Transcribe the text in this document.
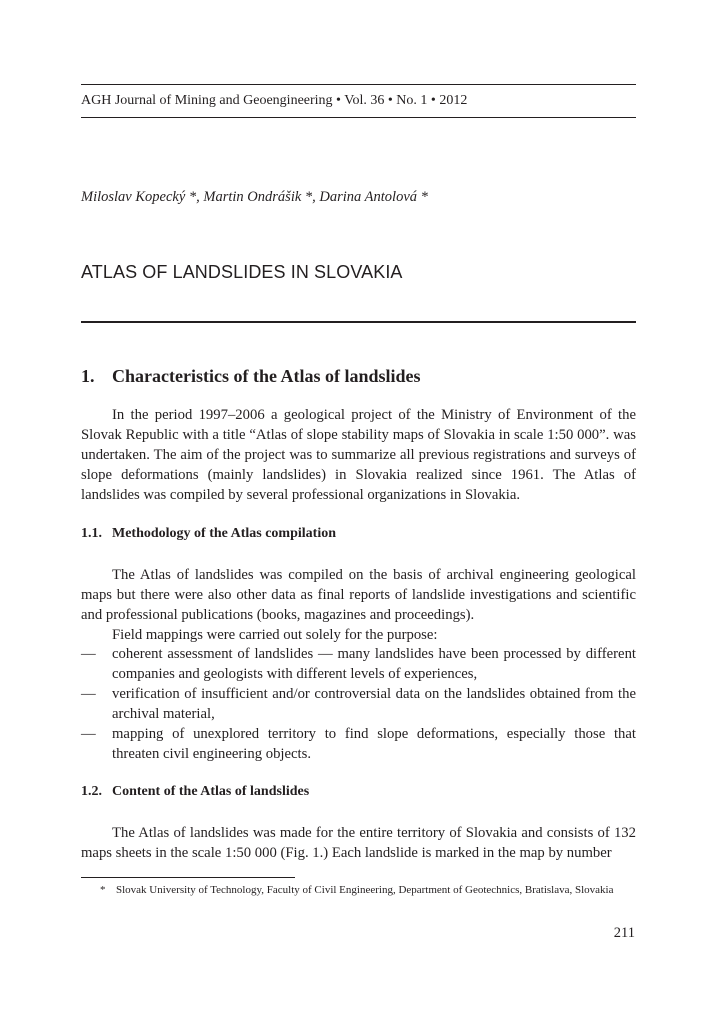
AGH Journal of Mining and Geoengineering • Vol. 36 • No. 1 • 2012
Miloslav Kopecký *, Martin Ondrášik *, Darina Antolová *
ATLAS OF LANDSLIDES IN SLOVAKIA
1. Characteristics of the Atlas of landslides

In the period 1997–2006 a geological project of the Ministry of Environment of the Slovak Republic with a title “Atlas of slope stability maps of Slovakia in scale 1:50 000”. was undertaken. The aim of the project was to summarize all previous registrations and surveys of slope deformations (mainly landslides) in Slovakia realized since 1961. The Atlas of landslides was compiled by several professional organizations in Slovakia.

1.1. Methodology of the Atlas compilation

The Atlas of landslides was compiled on the basis of archival engineering geological maps but there were also other data as final reports of landslide investigations and scientific and professional publications (books, magazines and proceedings).

Field mappings were carried out solely for the purpose:

— coherent assessment of landslides — many landslides have been processed by different companies and geologists with different levels of experiences,
— verification of insufficient and/or controversial data on the landslides obtained from the archival material,
— mapping of unexplored territory to find slope deformations, especially those that threaten civil engineering objects.
1.2. Content of the Atlas of landslides

The Atlas of landslides was made for the entire territory of Slovakia and consists of 132 maps sheets in the scale 1:50 000 (Fig. 1.) Each landslide is marked in the map by number

* Slovak University of Technology, Faculty of Civil Engineering, Department of Geotechnics, Bratislava, Slovakia
211
